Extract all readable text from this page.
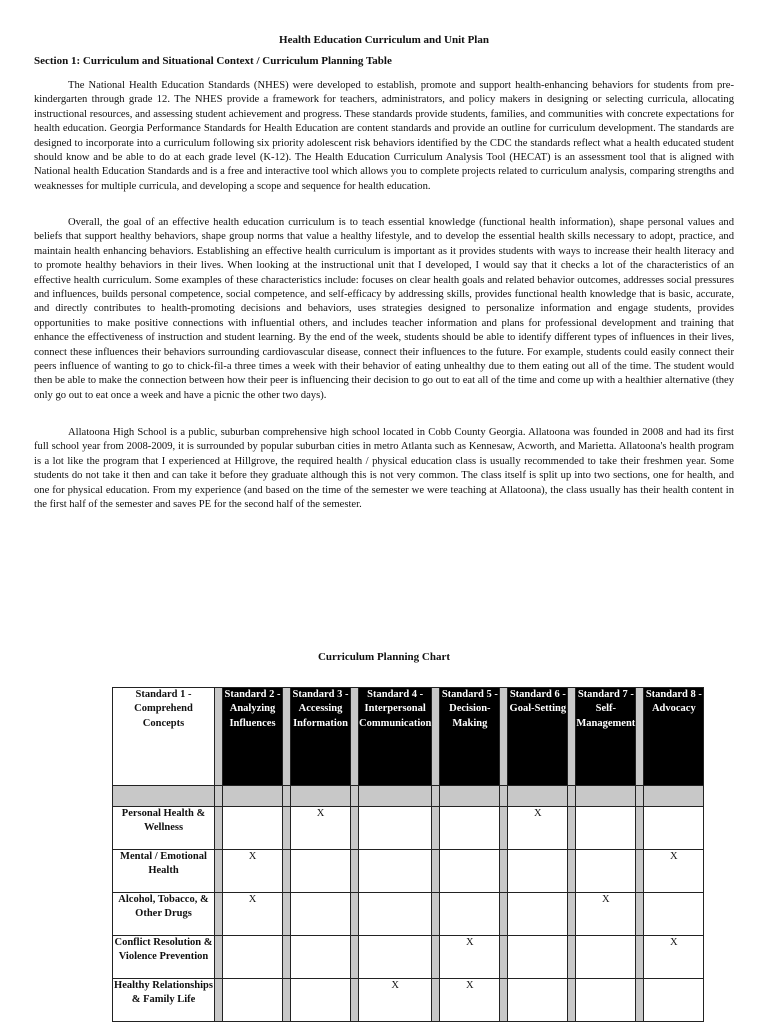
Health Education Curriculum and Unit Plan
Section 1: Curriculum and Situational Context / Curriculum Planning Table

The National Health Education Standards (NHES) were developed to establish, promote and support health-enhancing behaviors for students from pre-kindergarten through grade 12. The NHES provide a framework for teachers, administrators, and policy makers in designing or selecting curricula, allocating instructional resources, and assessing student achievement and progress. These standards provide students, families, and communities with concrete expectations for health education. Georgia Performance Standards for Health Education are content standards and provide an outline for curriculum development. The standards are designed to incorporate into a curriculum following six priority adolescent risk behaviors identified by the CDC the standards reflect what a health educated student should know and be able to do at each grade level (K-12). The Health Education Curriculum Analysis Tool (HECAT) is an assessment tool that is aligned with National health Education Standards and is a free and interactive tool which allows you to complete projects related to curriculum analysis, comparing strengths and weaknesses for multiple curricula, and developing a scope and sequence for health education.

Overall, the goal of an effective health education curriculum is to teach essential knowledge (functional health information), shape personal values and beliefs that support healthy behaviors, shape group norms that value a healthy lifestyle, and to develop the essential health skills necessary to adopt, practice, and maintain health enhancing behaviors. Establishing an effective health curriculum is important as it provides students with ways to increase their health literacy and to promote healthy behaviors in their lives. When looking at the instructional unit that I developed, I would say that it checks a lot of the characteristics of an effective health curriculum. Some examples of these characteristics include: focuses on clear health goals and related behavior outcomes, addresses social pressures and influences, builds personal competence, social competence, and self-efficacy by addressing skills, provides functional health knowledge that is basic, accurate, and directly contributes to health-promoting decisions and behaviors, uses strategies designed to personalize information and engage students, provides opportunities to make positive connections with influential others, and includes teacher information and plans for professional development and training that enhance the effectiveness of instruction and student learning. By the end of the week, students should be able to identify different types of influences in their lives, connect these influences their behaviors surrounding cardiovascular disease, connect their influences to the future. For example, students could easily connect their peers influence of wanting to go to chick-fil-a three times a week with their behavior of eating unhealthy due to them eating out all of the time. The student would then be able to make the connection between how their peer is influencing their decision to go out to eat all of the time and come up with a healthier alternative (they only go out to eat once a week and have a picnic the other two days).

Allatoona High School is a public, suburban comprehensive high school located in Cobb County Georgia. Allatoona was founded in 2008 and had its first full school year from 2008-2009, it is surrounded by popular suburban cities in metro Atlanta such as Kennesaw, Acworth, and Marietta. Allatoona's health program is a lot like the program that I experienced at Hillgrove, the required health / physical education class is usually recommended to take their freshmen year. Some students do not take it then and can take it before they graduate although this is not very common. The class itself is split up into two sections, one for health, and one for physical education. From my experience (and based on the time of the semester we were teaching at Allatoona), the class usually has their health content in the first half of the semester and saves PE for the second half of the semester.

Curriculum Planning Chart
Standard 1 - Comprehend Concepts		Standard 2 - Analyzing Influences		Standard 3 - Accessing Information		Standard 4 - Interpersonal Communication		Standard 5 - Decision-Making		Standard 6 - Goal-Setting		Standard 7 - Self-Management		Standard 8 - Advocacy

Personal Health & Wellness				X						X				
Mental / Emotional Health		X												X
Alcohol, Tobacco, & Other Drugs		X										X		
Conflict Resolution & Violence Prevention								X						X
Healthy Relationships & Family Life						X		X						
